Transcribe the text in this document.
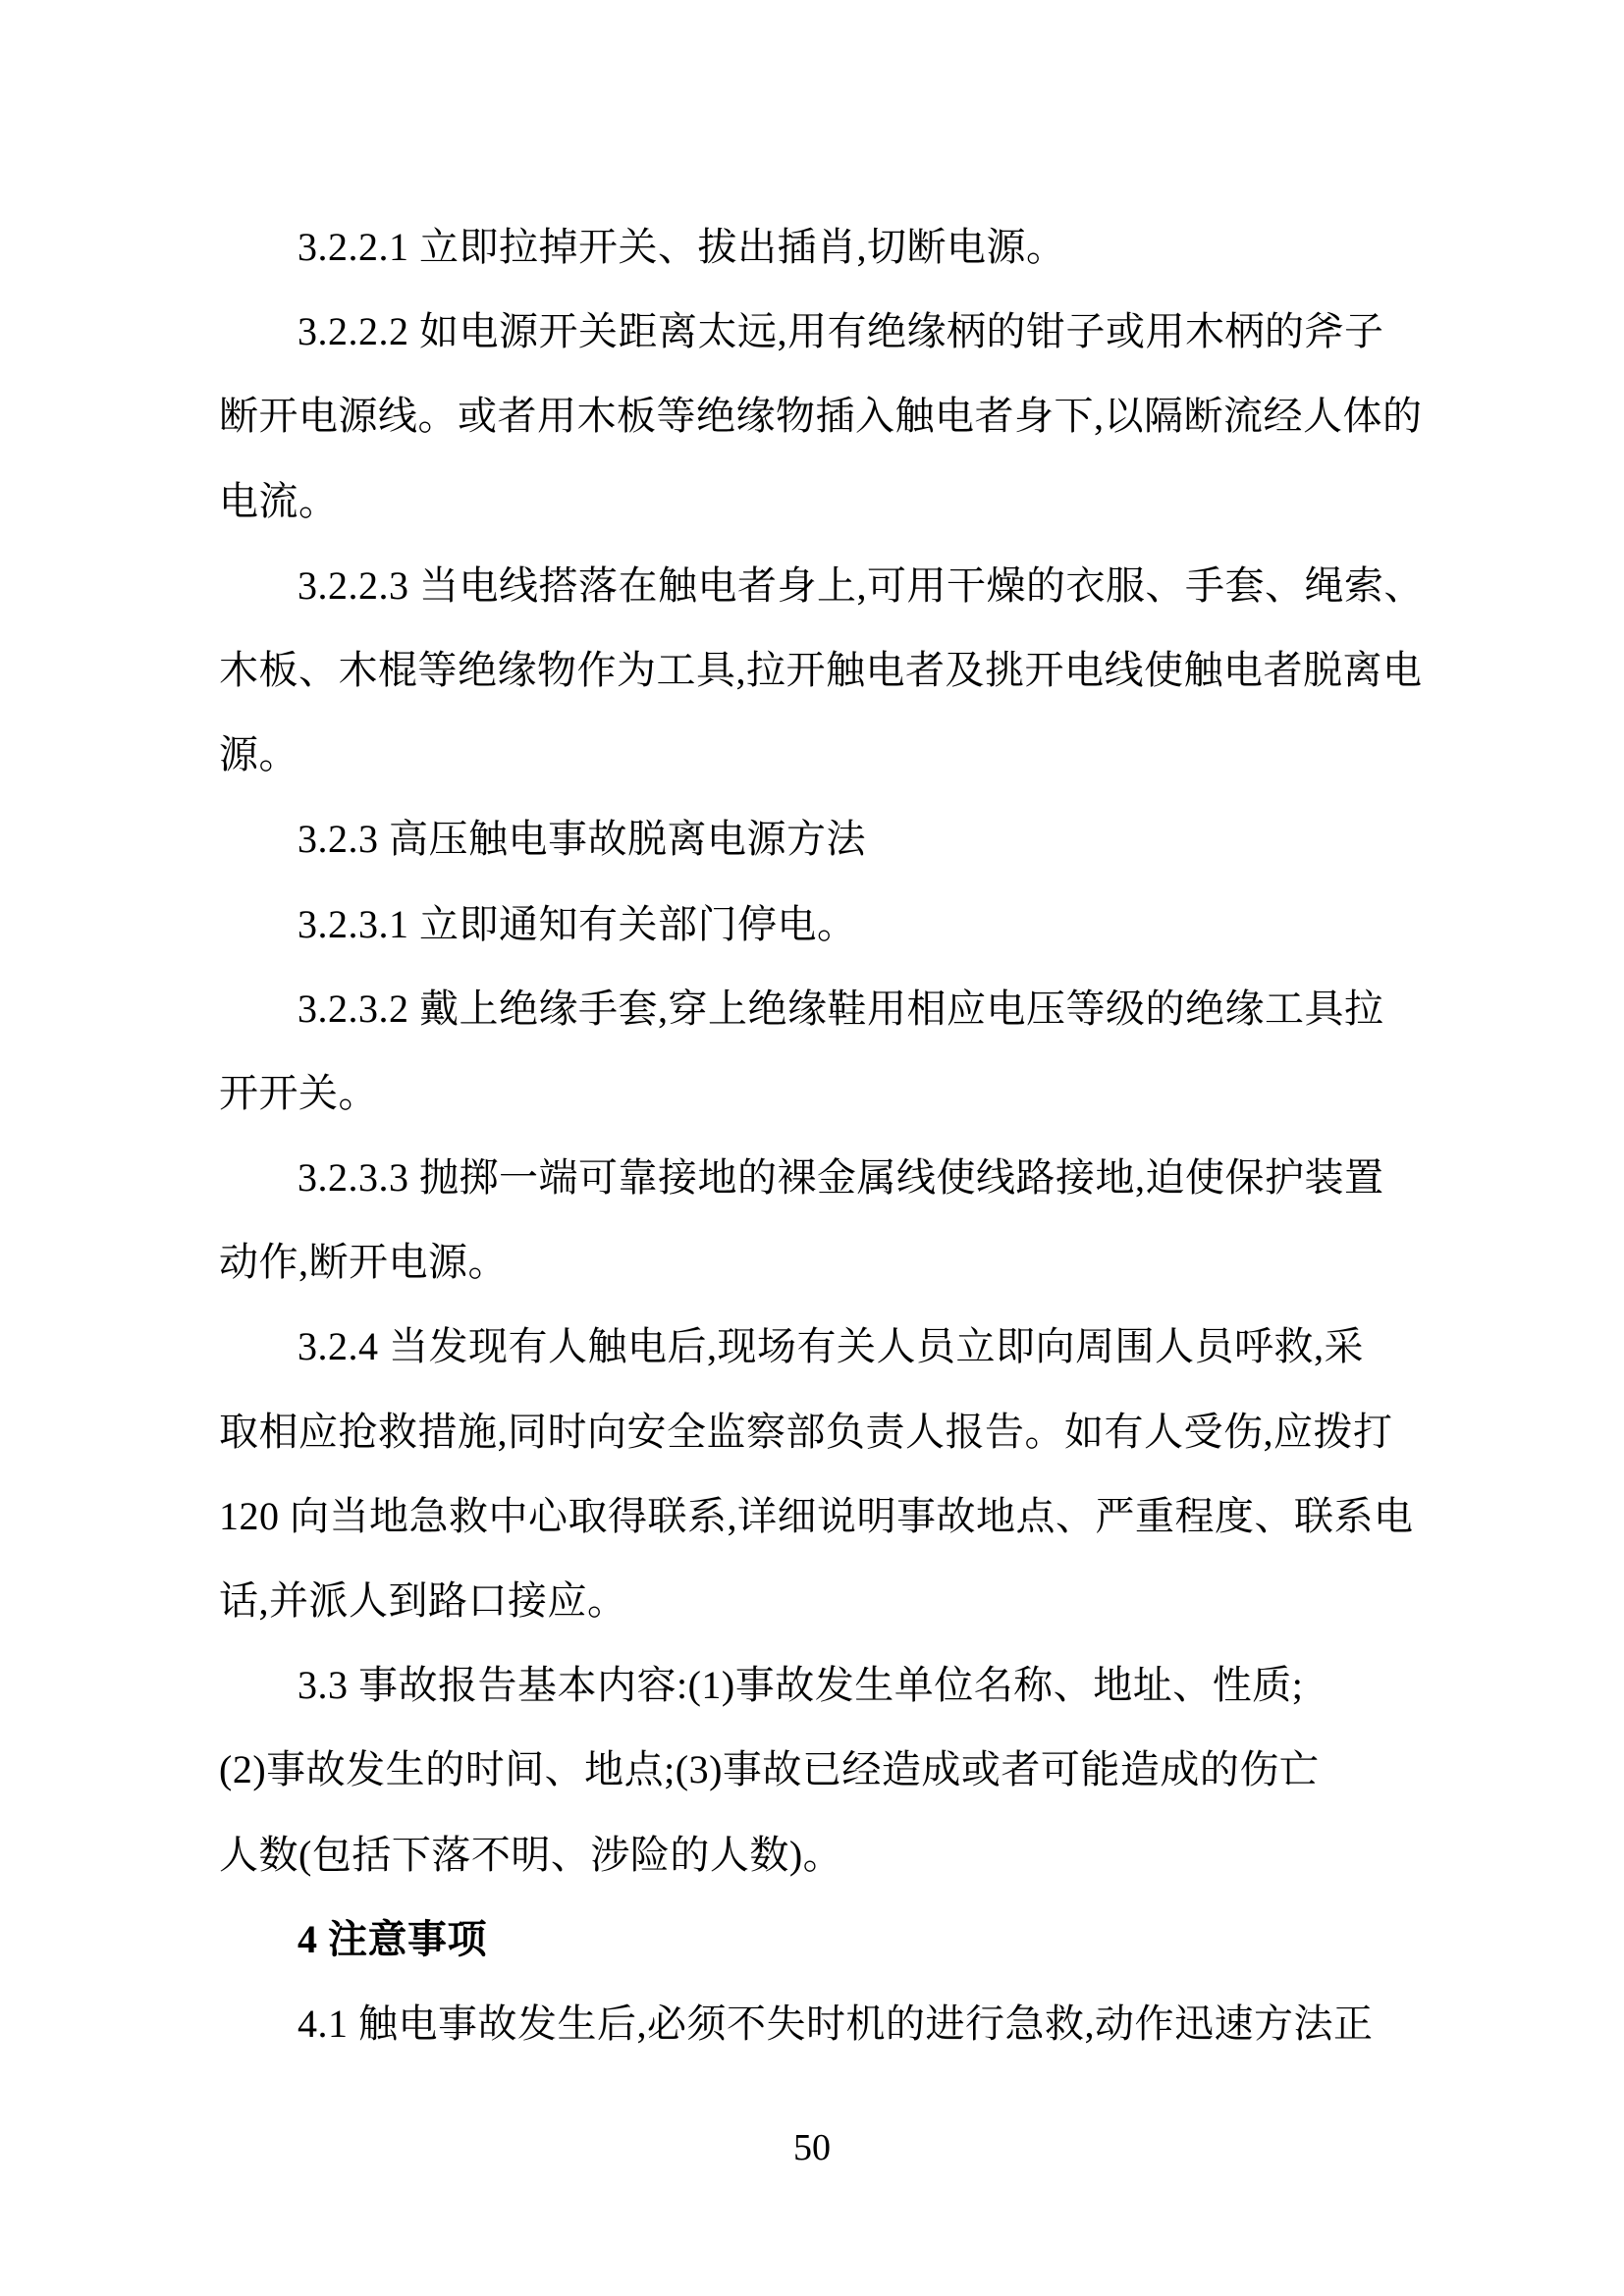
3.2.2.1 立即拉掉开关、拔出插肖,切断电源。
3.2.2.2 如电源开关距离太远,用有绝缘柄的钳子或用木柄的斧子
断开电源线。或者用木板等绝缘物插入触电者身下,以隔断流经人体的
电流。
3.2.2.3 当电线搭落在触电者身上,可用干燥的衣服、手套、绳索、
木板、木棍等绝缘物作为工具,拉开触电者及挑开电线使触电者脱离电
源。
3.2.3 高压触电事故脱离电源方法
3.2.3.1 立即通知有关部门停电。
3.2.3.2 戴上绝缘手套,穿上绝缘鞋用相应电压等级的绝缘工具拉
开开关。
3.2.3.3 抛掷一端可靠接地的裸金属线使线路接地,迫使保护装置
动作,断开电源。
3.2.4 当发现有人触电后,现场有关人员立即向周围人员呼救,采
取相应抢救措施,同时向安全监察部负责人报告。如有人受伤,应拨打
120 向当地急救中心取得联系,详细说明事故地点、严重程度、联系电
话,并派人到路口接应。
3.3 事故报告基本内容:(1)事故发生单位名称、地址、性质;
(2)事故发生的时间、地点;(3)事故已经造成或者可能造成的伤亡
人数(包括下落不明、涉险的人数)。
4 注意事项
4.1 触电事故发生后,必须不失时机的进行急救,动作迅速方法正
50
